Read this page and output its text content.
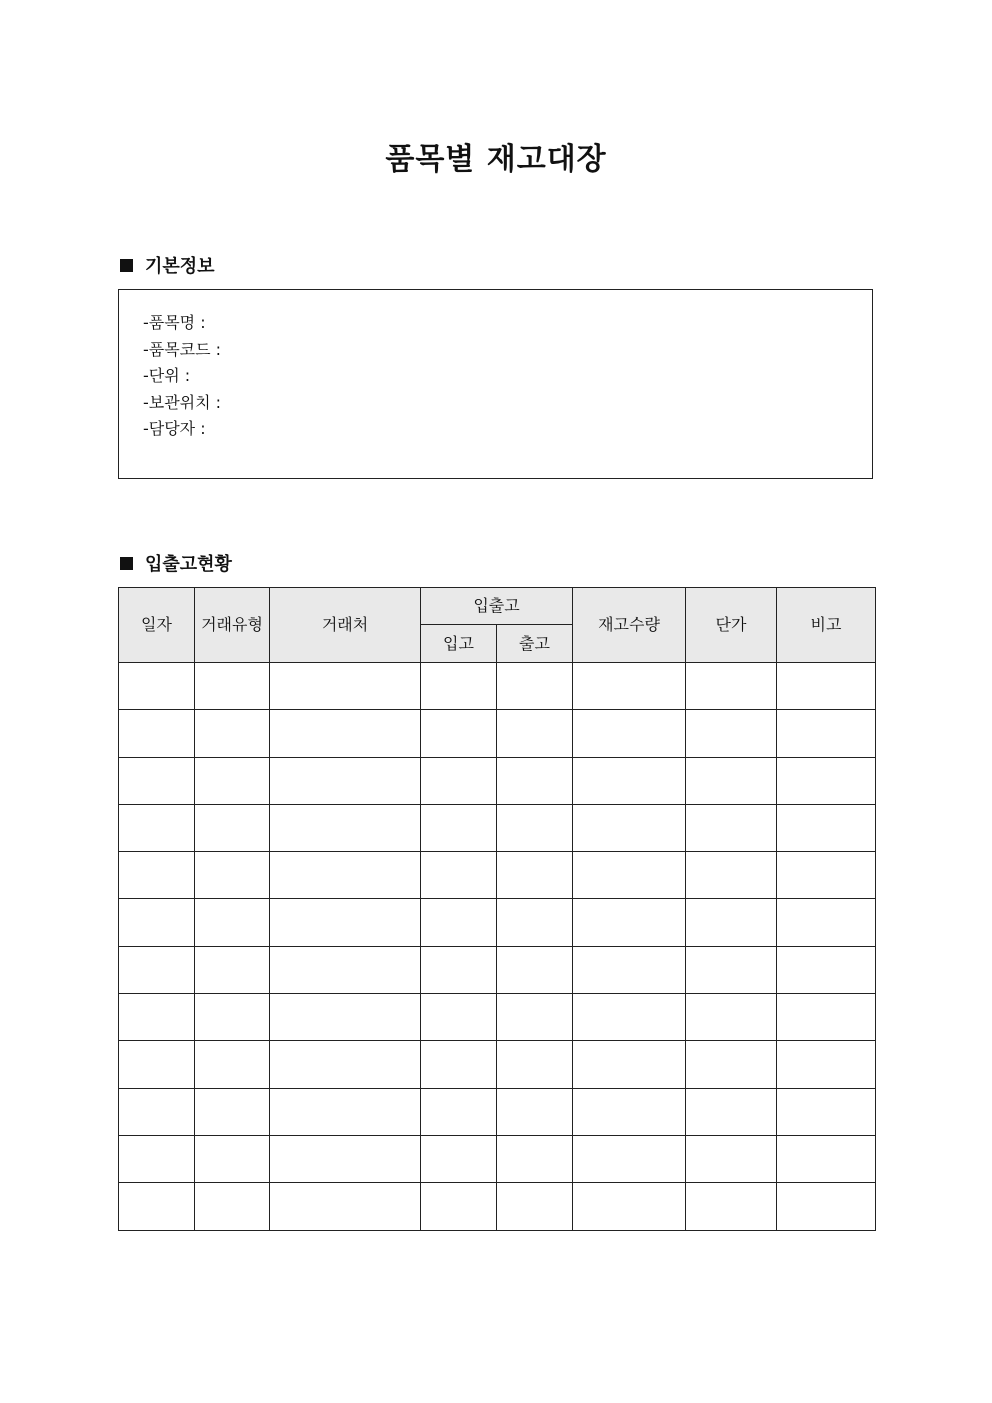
품목별 재고대장
기본정보
-품목명 :
-품목코드 :
-단위 :
-보관위치 :
-담당자 :
입출고현황
일자	거래유형	거래처	입출고		재고수량	단가	비고
			입고	출고			
